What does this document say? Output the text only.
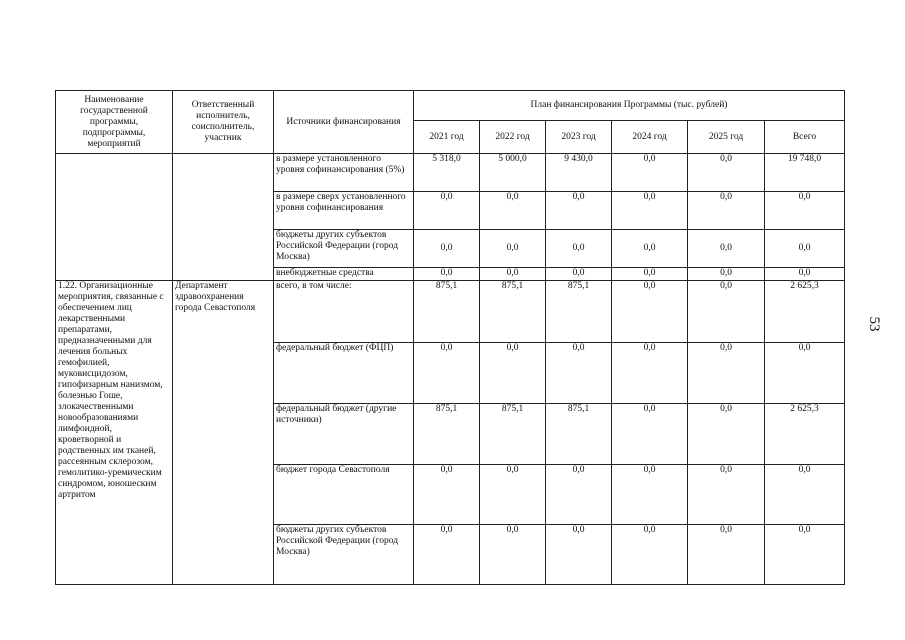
53
Наименование государственной программы, подпрограммы, мероприятий	Ответственный исполнитель, соисполнитель, участник	Источники финансирования	План финансирования Программы (тыс. рублей)					
			2021 год	2022 год	2023 год	2024 год	2025 год	Всего
		в размере установленного уровня софинансирования (5%)	5 318,0	5 000,0	9 430,0	0,0	0,0	19 748,0
		в размере сверх установленного уровня софинансирования	0,0	0,0	0,0	0,0	0,0	0,0
		бюджеты других субъектов Российской Федерации (город Москва)	0,0	0,0	0,0	0,0	0,0	0,0
		внебюджетные средства	0,0	0,0	0,0	0,0	0,0	0,0
1.22. Организационные мероприятия, связанные с обеспечением лиц лекарственными препаратами, предназначенными для лечения больных гемофилией, муковисцидозом, гипофизарным нанизмом, болезнью Гоше, злокачественными новообразованиями лимфоидной, кроветворной и родственных им тканей, рассеянным склерозом, гемолитико-уремическим синдромом, юношеским артритом	Департамент здравоохранения города Севастополя	всего, в том числе:	875,1	875,1	875,1	0,0	0,0	2 625,3
		федеральный бюджет (ФЦП)	0,0	0,0	0,0	0,0	0,0	0,0
		федеральный бюджет (другие источники)	875,1	875,1	875,1	0,0	0,0	2 625,3
		бюджет города Севастополя	0,0	0,0	0,0	0,0	0,0	0,0
		бюджеты других субъектов Российской Федерации (город Москва)	0,0	0,0	0,0	0,0	0,0	0,0
